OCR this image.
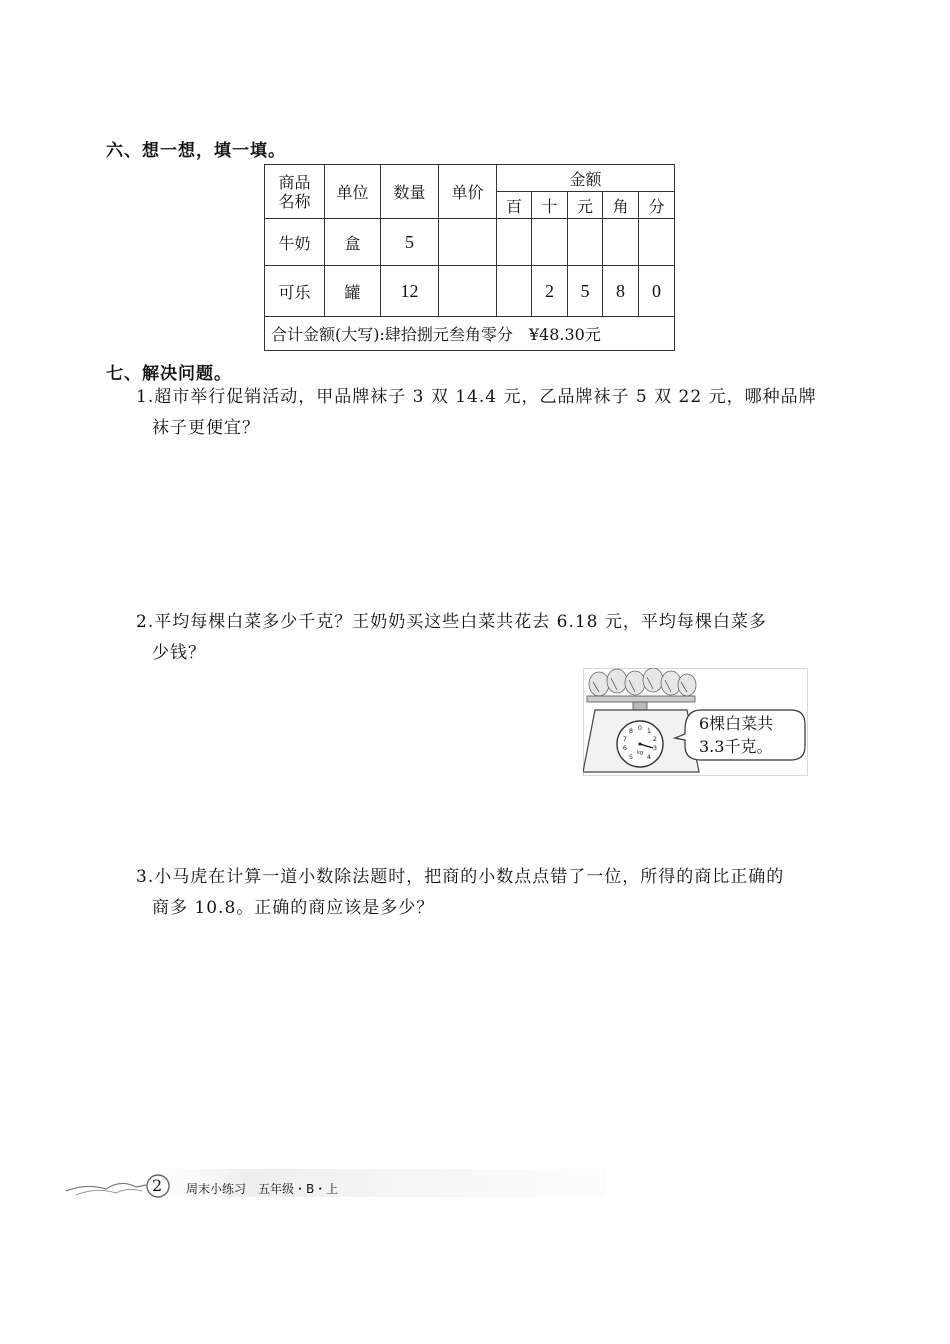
六、想一想，填一填。
商品
名称	单位	数量	单价	金额				
				百	十	元	角	分
牛奶	盒	5						
可乐	罐	12			2	5	8	0
合计金额(大写):肆拾捌元叁角零分　¥48.30元								
七、解决问题。
1.超市举行促销活动，甲品牌袜子 3 双 14.4 元，乙品牌袜子 5 双 22 元，哪种品牌
袜子更便宜？
2.平均每棵白菜多少千克？王奶奶买这些白菜共花去 6.18 元，平均每棵白菜多
少钱？
0 1
2
3
4
5
6
7
8
kg
6棵白菜共
3.3千克。
3.小马虎在计算一道小数除法题时，把商的小数点点错了一位，所得的商比正确的
商多 10.8。正确的商应该是多少？
2 周末小练习　五年级・B・上
